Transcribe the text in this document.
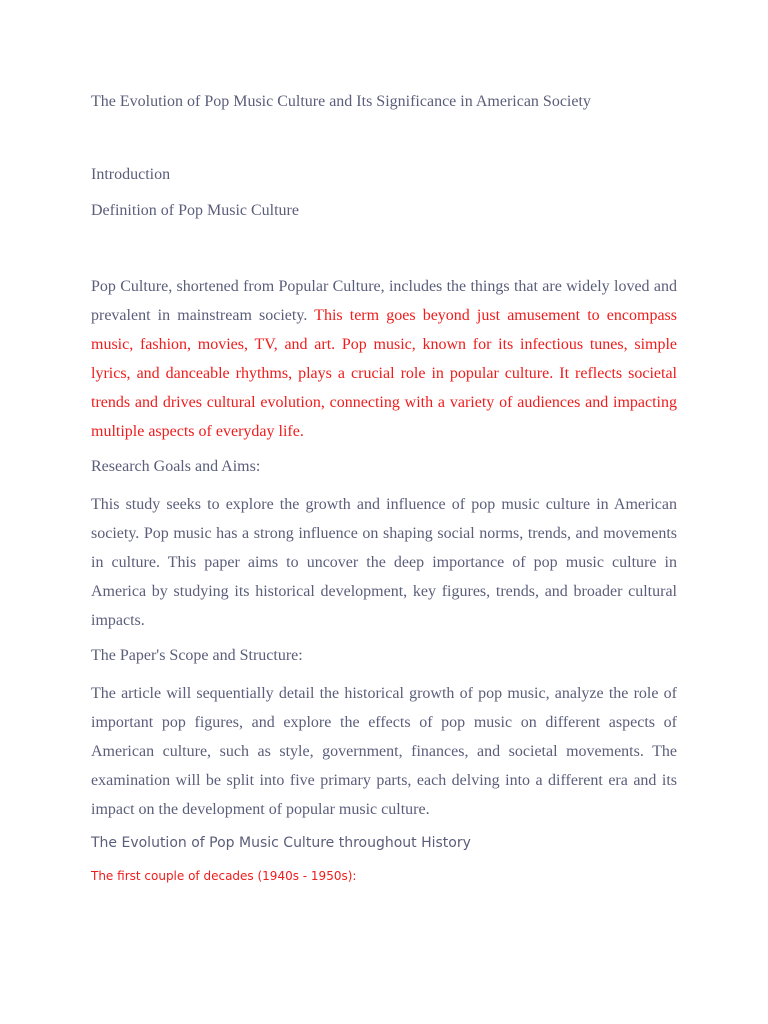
The Evolution of Pop Music Culture and Its Significance in American Society
Introduction
Definition of Pop Music Culture

Pop Culture, shortened from Popular Culture, includes the things that are widely loved and prevalent in mainstream society. This term goes beyond just amusement to encompass music, fashion, movies, TV, and art. Pop music, known for its infectious tunes, simple lyrics, and danceable rhythms, plays a crucial role in popular culture. It reflects societal trends and drives cultural evolution, connecting with a variety of audiences and impacting multiple aspects of everyday life.

Research Goals and Aims:

This study seeks to explore the growth and influence of pop music culture in American society. Pop music has a strong influence on shaping social norms, trends, and movements in culture. This paper aims to uncover the deep importance of pop music culture in America by studying its historical development, key figures, trends, and broader cultural impacts.

The Paper's Scope and Structure:

The article will sequentially detail the historical growth of pop music, analyze the role of important pop figures, and explore the effects of pop music on different aspects of American culture, such as style, government, finances, and societal movements. The examination will be split into five primary parts, each delving into a different era and its impact on the development of popular music culture.

The Evolution of Pop Music Culture throughout History
The first couple of decades (1940s - 1950s):
